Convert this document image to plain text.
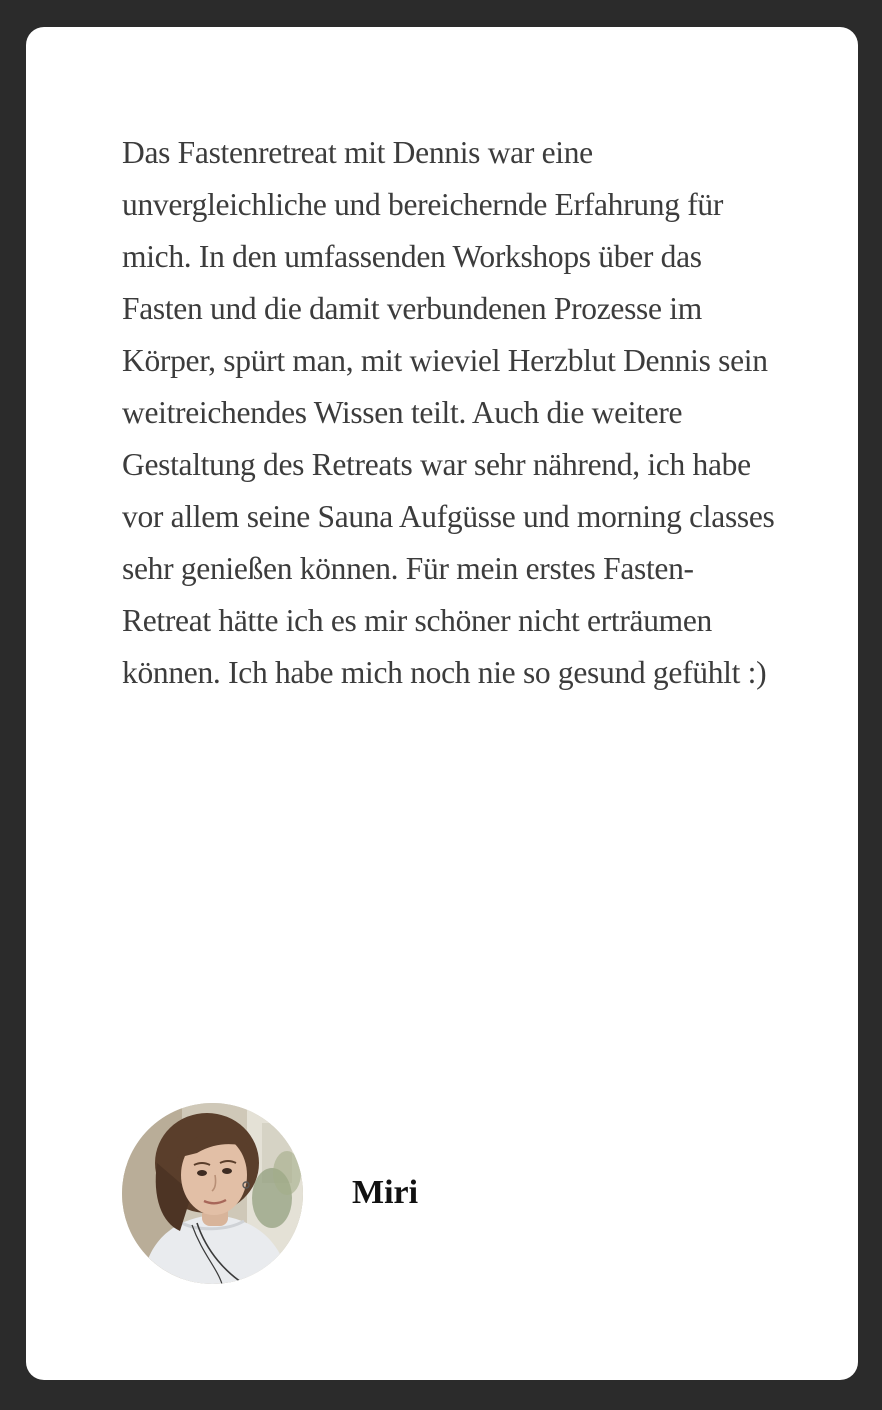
Das Fastenretreat mit Dennis war eine unvergleichliche und bereichernde Erfahrung für mich. In den umfassenden Workshops über das Fasten und die damit verbundenen Prozesse im Körper, spürt man, mit wieviel Herzblut Dennis sein weitreichendes Wissen teilt. Auch die weitere Gestaltung des Retreats war sehr nährend, ich habe vor allem seine Sauna Aufgüsse und morning classes sehr genießen können. Für mein erstes Fasten-Retreat hätte ich es mir schöner nicht erträumen können. Ich habe mich noch nie so gesund gefühlt :)

Miri
